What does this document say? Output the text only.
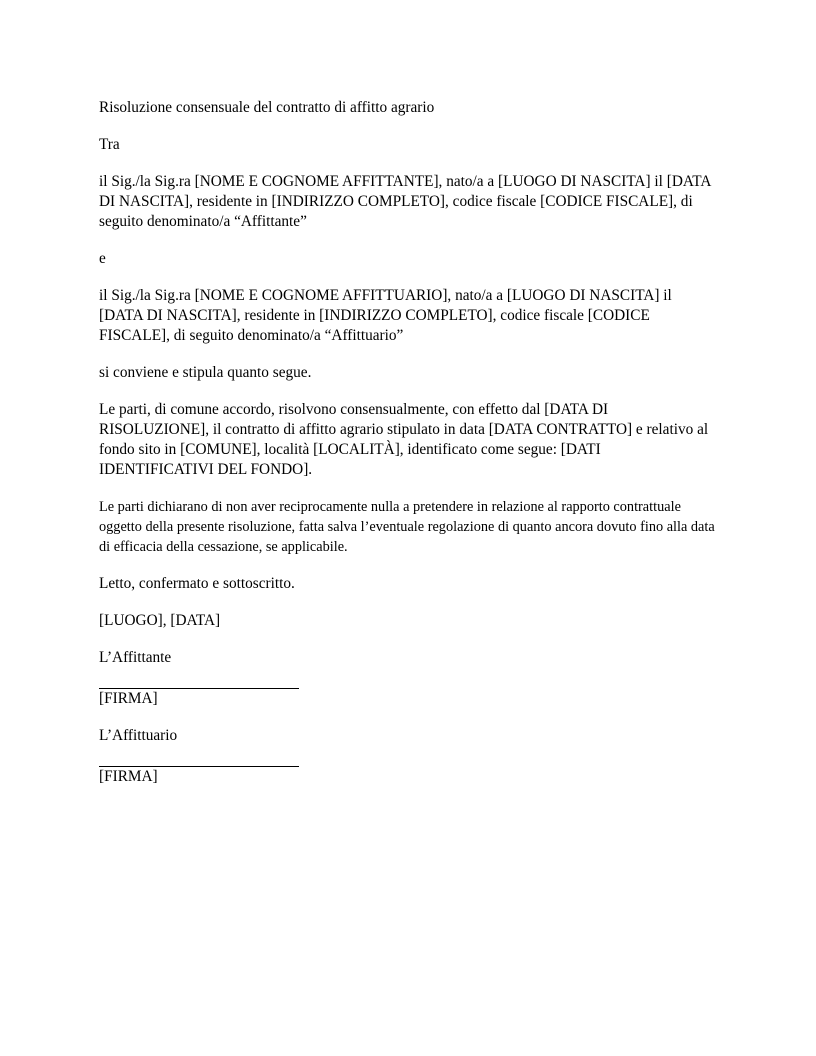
Risoluzione consensuale del contratto di affitto agrario

Tra

il Sig./la Sig.ra [NOME E COGNOME AFFITTANTE], nato/a a [LUOGO DI NASCITA] il [DATA DI NASCITA], residente in [INDIRIZZO COMPLETO], codice fiscale [CODICE FISCALE], di seguito denominato/a “Affittante”

e

il Sig./la Sig.ra [NOME E COGNOME AFFITTUARIO], nato/a a [LUOGO DI NASCITA] il [DATA DI NASCITA], residente in [INDIRIZZO COMPLETO], codice fiscale [CODICE FISCALE], di seguito denominato/a “Affittuario”

si conviene e stipula quanto segue.

Le parti, di comune accordo, risolvono consensualmente, con effetto dal [DATA DI RISOLUZIONE], il contratto di affitto agrario stipulato in data [DATA CONTRATTO] e relativo al fondo sito in [COMUNE], località [LOCALITÀ], identificato come segue: [DATI IDENTIFICATIVI DEL FONDO].

Le parti dichiarano di non aver reciprocamente nulla a pretendere in relazione al rapporto contrattuale oggetto della presente risoluzione, fatta salva l’eventuale regolazione di quanto ancora dovuto fino alla data di efficacia della cessazione, se applicabile.

Letto, confermato e sottoscritto.

[LUOGO], [DATA]

L’Affittante

[FIRMA]

L’Affittuario

[FIRMA]
